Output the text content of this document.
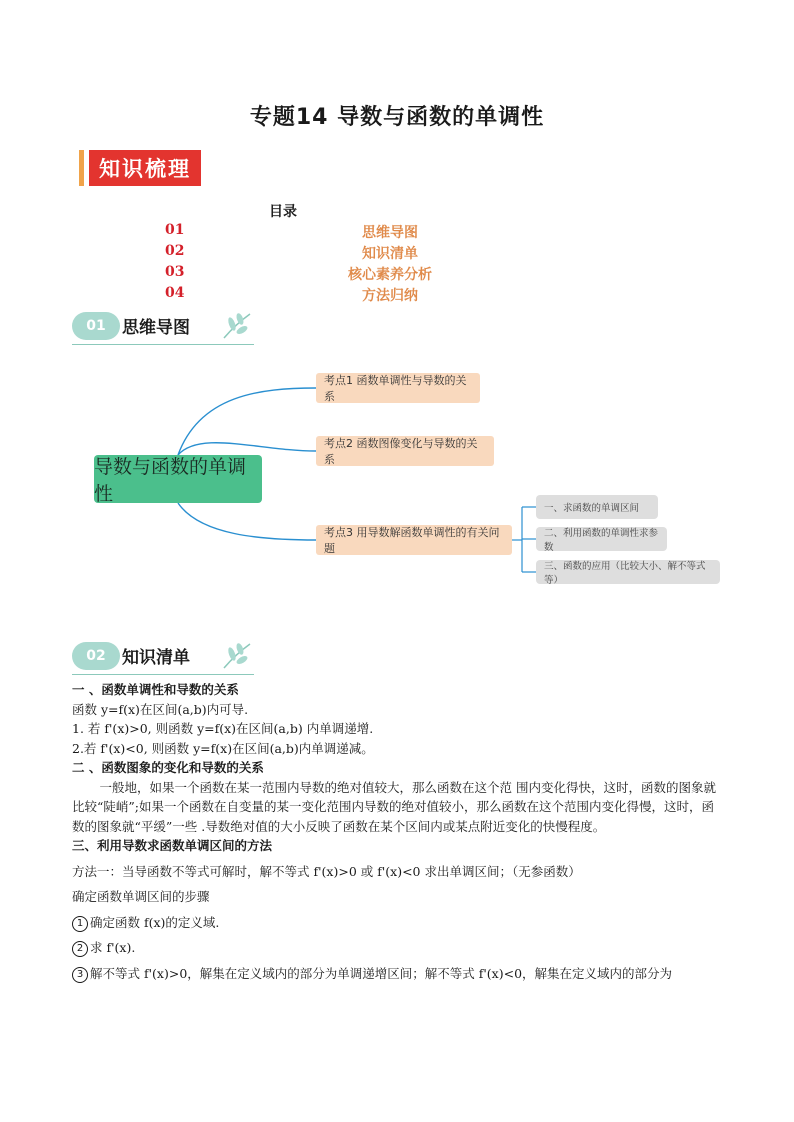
专题14 导数与函数的单调性
知识梳理
目录
01	思维导图
02	知识清单
03	核心素养分析
04	方法归纳
01 思维导图
导数与函数的单调性
考点1 函数单调性与导数的关系
考点2 函数图像变化与导数的关系
考点3 用导数解函数单调性的有关问题
一、求函数的单调区间
二、利用函数的单调性求参数
三、函数的应用（比较大小、解不等式等）
02 知识清单
一 、函数单调性和导数的关系
函数 y=f(x)在区间(a,b)内可导.
1. 若 f'(x)>0, 则函数 y=f(x)在区间(a,b) 内单调递增.
2.若 f'(x)<0, 则函数 y=f(x)在区间(a,b)内单调递减。
二 、函数图象的变化和导数的关系
一般地，如果一个函数在某一范围内导数的绝对值较大，那么函数在这个范 围内变化得快，这时，函数的图象就比较“陡峭”;如果一个函数在自变量的某一变化范围内导数的绝对值较小，那么函数在这个范围内变化得慢，这时，函数的图象就“平缓”一些 .导数绝对值的大小反映了函数在某个区间内或某点附近变化的快慢程度。
三、利用导数求函数单调区间的方法
方法一：当导函数不等式可解时，解不等式 f'(x)>0 或 f'(x)<0 求出单调区间；（无参函数）
确定函数单调区间的步骤
1 确定函数 f(x)的定义域.
2 求 f'(x).
3 解不等式 f'(x)>0，解集在定义域内的部分为单调递增区间；解不等式 f'(x)<0，解集在定义域内的部分为
